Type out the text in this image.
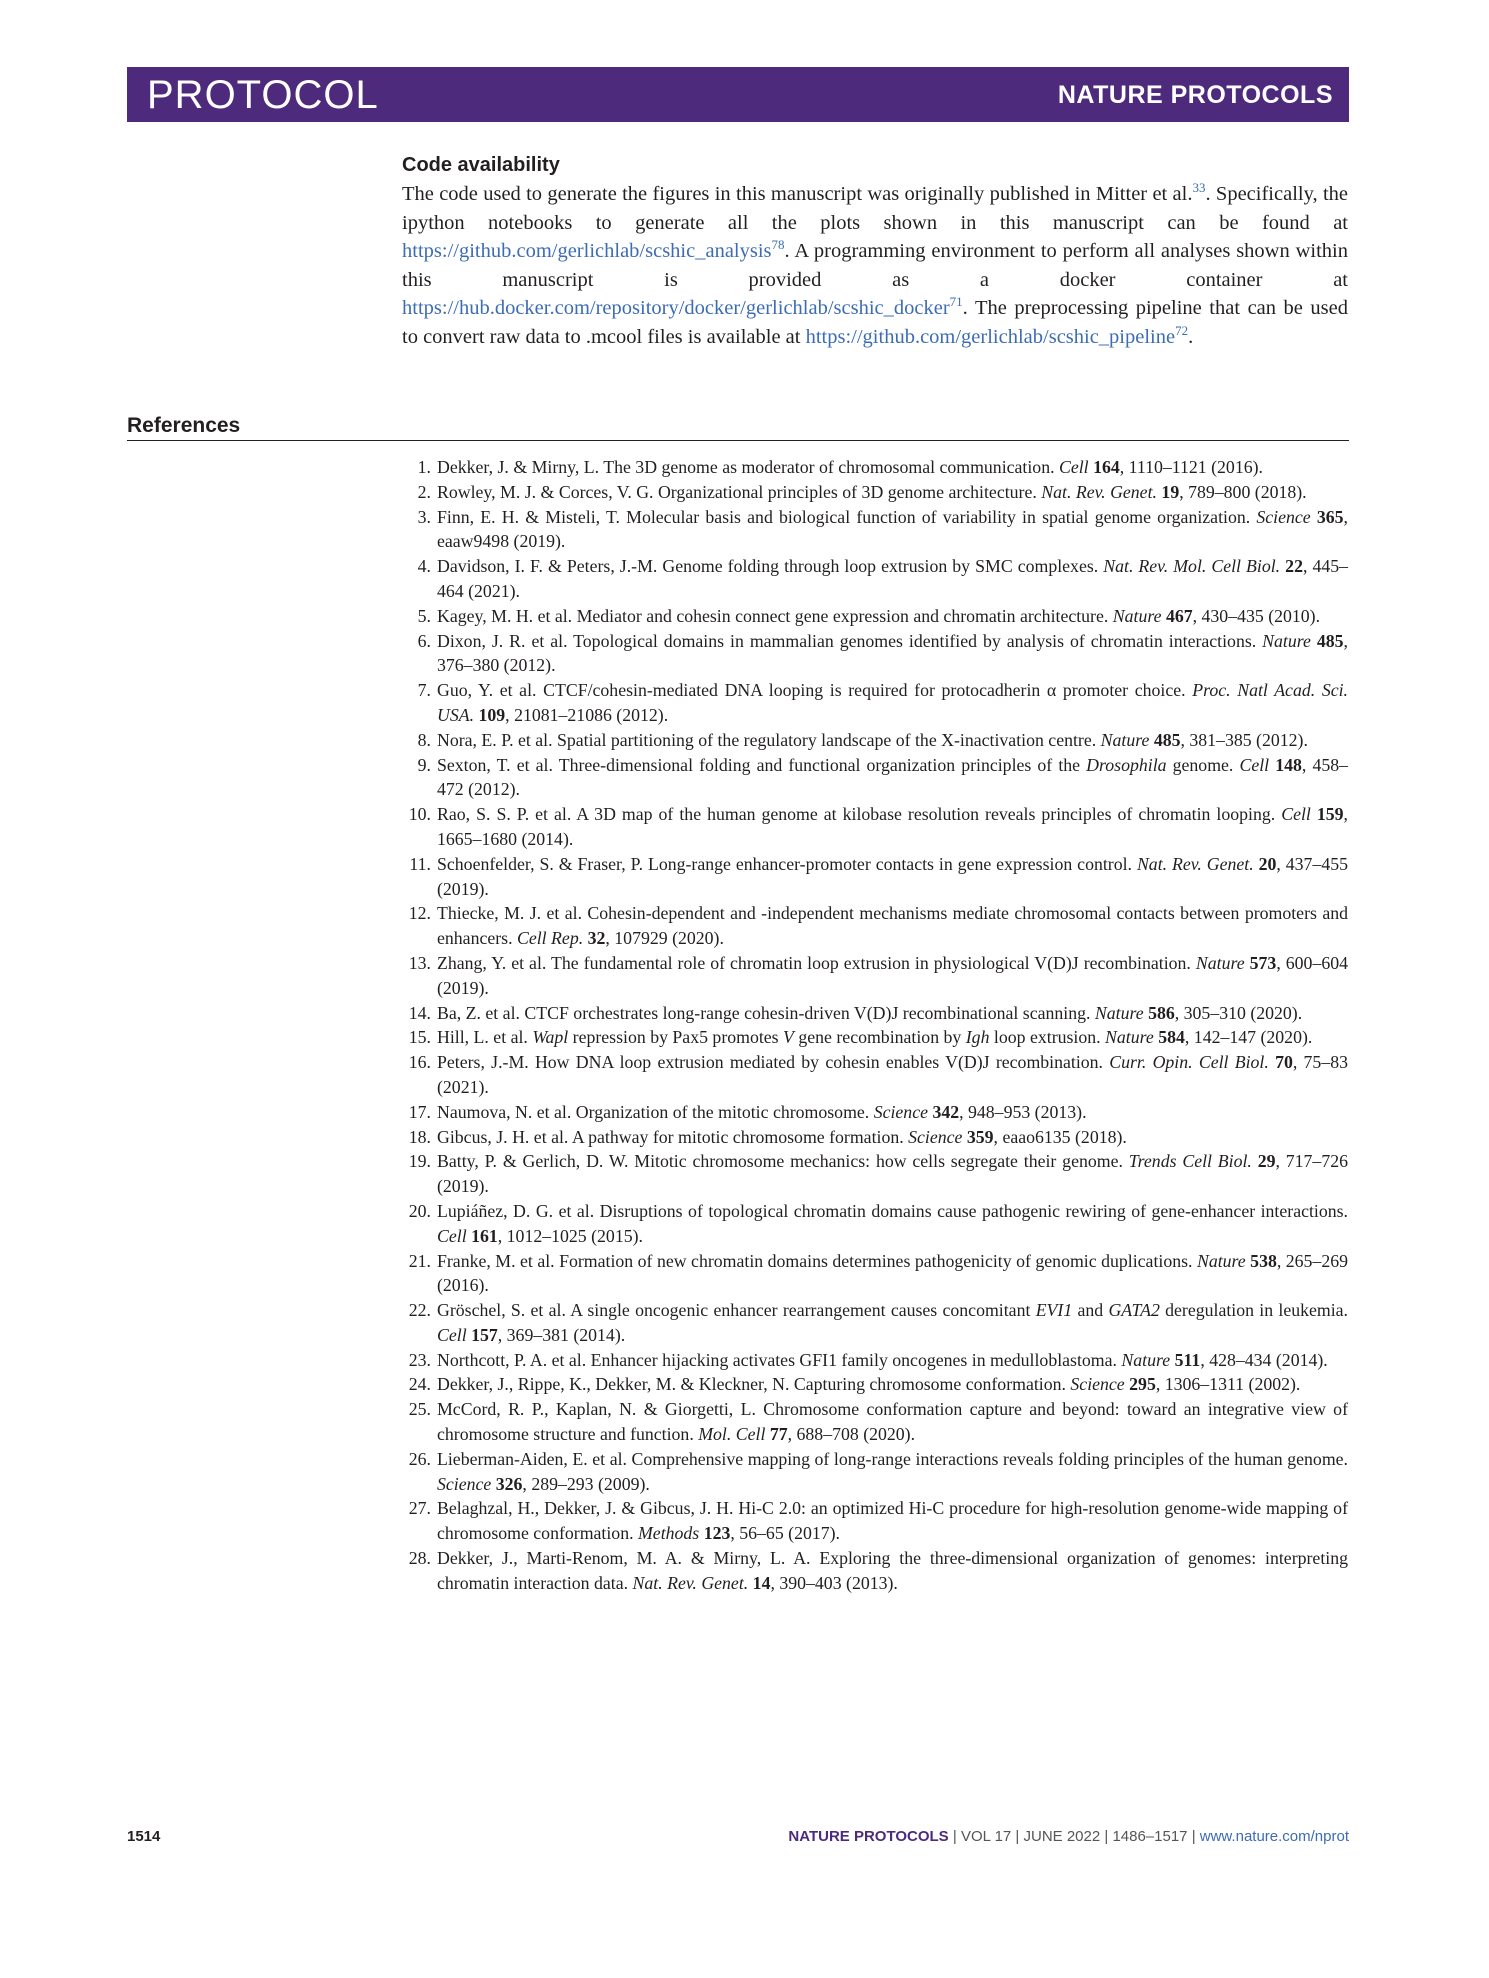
PROTOCOL	NATURE PROTOCOLS
Code availability

The code used to generate the figures in this manuscript was originally published in Mitter et al.$^{33}$. Specifically, the ipython notebooks to generate all the plots shown in this manuscript can be found at https://github.com/gerlichlab/scshic_analysis$^{78}$. A programming environment to perform all analyses shown within this manuscript is provided as a docker container at https://hub.docker.com/repository/docker/gerlichlab/scshic_docker$^{71}$. The preprocessing pipeline that can be used to convert raw data to .mcool files is available at https://github.com/gerlichlab/scshic_pipeline$^{72}$.

References
1. Dekker, J. & Mirny, L. The 3D genome as moderator of chromosomal communication. Cell 164, 1110–1121 (2016).
2. Rowley, M. J. & Corces, V. G. Organizational principles of 3D genome architecture. Nat. Rev. Genet. 19, 789–800 (2018).
3. Finn, E. H. & Misteli, T. Molecular basis and biological function of variability in spatial genome organization. Science 365, eaaw9498 (2019).
4. Davidson, I. F. & Peters, J.-M. Genome folding through loop extrusion by SMC complexes. Nat. Rev. Mol. Cell Biol. 22, 445–464 (2021).
5. Kagey, M. H. et al. Mediator and cohesin connect gene expression and chromatin architecture. Nature 467, 430–435 (2010).
6. Dixon, J. R. et al. Topological domains in mammalian genomes identified by analysis of chromatin interactions. Nature 485, 376–380 (2012).
7. Guo, Y. et al. CTCF/cohesin-mediated DNA looping is required for protocadherin α promoter choice. Proc. Natl Acad. Sci. USA. 109, 21081–21086 (2012).
8. Nora, E. P. et al. Spatial partitioning of the regulatory landscape of the X-inactivation centre. Nature 485, 381–385 (2012).
9. Sexton, T. et al. Three-dimensional folding and functional organization principles of the Drosophila genome. Cell 148, 458–472 (2012).
10. Rao, S. S. P. et al. A 3D map of the human genome at kilobase resolution reveals principles of chromatin looping. Cell 159, 1665–1680 (2014).
11. Schoenfelder, S. & Fraser, P. Long-range enhancer-promoter contacts in gene expression control. Nat. Rev. Genet. 20, 437–455 (2019).
12. Thiecke, M. J. et al. Cohesin-dependent and -independent mechanisms mediate chromosomal contacts between promoters and enhancers. Cell Rep. 32, 107929 (2020).
13. Zhang, Y. et al. The fundamental role of chromatin loop extrusion in physiological V(D)J recombination. Nature 573, 600–604 (2019).
14. Ba, Z. et al. CTCF orchestrates long-range cohesin-driven V(D)J recombinational scanning. Nature 586, 305–310 (2020).
15. Hill, L. et al. Wapl repression by Pax5 promotes V gene recombination by Igh loop extrusion. Nature 584, 142–147 (2020).
16. Peters, J.-M. How DNA loop extrusion mediated by cohesin enables V(D)J recombination. Curr. Opin. Cell Biol. 70, 75–83 (2021).
17. Naumova, N. et al. Organization of the mitotic chromosome. Science 342, 948–953 (2013).
18. Gibcus, J. H. et al. A pathway for mitotic chromosome formation. Science 359, eaao6135 (2018).
19. Batty, P. & Gerlich, D. W. Mitotic chromosome mechanics: how cells segregate their genome. Trends Cell Biol. 29, 717–726 (2019).
20. Lupiáñez, D. G. et al. Disruptions of topological chromatin domains cause pathogenic rewiring of gene-enhancer interactions. Cell 161, 1012–1025 (2015).
21. Franke, M. et al. Formation of new chromatin domains determines pathogenicity of genomic duplications. Nature 538, 265–269 (2016).
22. Gröschel, S. et al. A single oncogenic enhancer rearrangement causes concomitant EVI1 and GATA2 deregulation in leukemia. Cell 157, 369–381 (2014).
23. Northcott, P. A. et al. Enhancer hijacking activates GFI1 family oncogenes in medulloblastoma. Nature 511, 428–434 (2014).
24. Dekker, J., Rippe, K., Dekker, M. & Kleckner, N. Capturing chromosome conformation. Science 295, 1306–1311 (2002).
25. McCord, R. P., Kaplan, N. & Giorgetti, L. Chromosome conformation capture and beyond: toward an integrative view of chromosome structure and function. Mol. Cell 77, 688–708 (2020).
26. Lieberman-Aiden, E. et al. Comprehensive mapping of long-range interactions reveals folding principles of the human genome. Science 326, 289–293 (2009).
27. Belaghzal, H., Dekker, J. & Gibcus, J. H. Hi-C 2.0: an optimized Hi-C procedure for high-resolution genome-wide mapping of chromosome conformation. Methods 123, 56–65 (2017).
28. Dekker, J., Marti-Renom, M. A. & Mirny, L. A. Exploring the three-dimensional organization of genomes: interpreting chromatin interaction data. Nat. Rev. Genet. 14, 390–403 (2013).
1514	NATURE PROTOCOLS | VOL 17 | JUNE 2022 | 1486–1517 | www.nature.com/nprot
